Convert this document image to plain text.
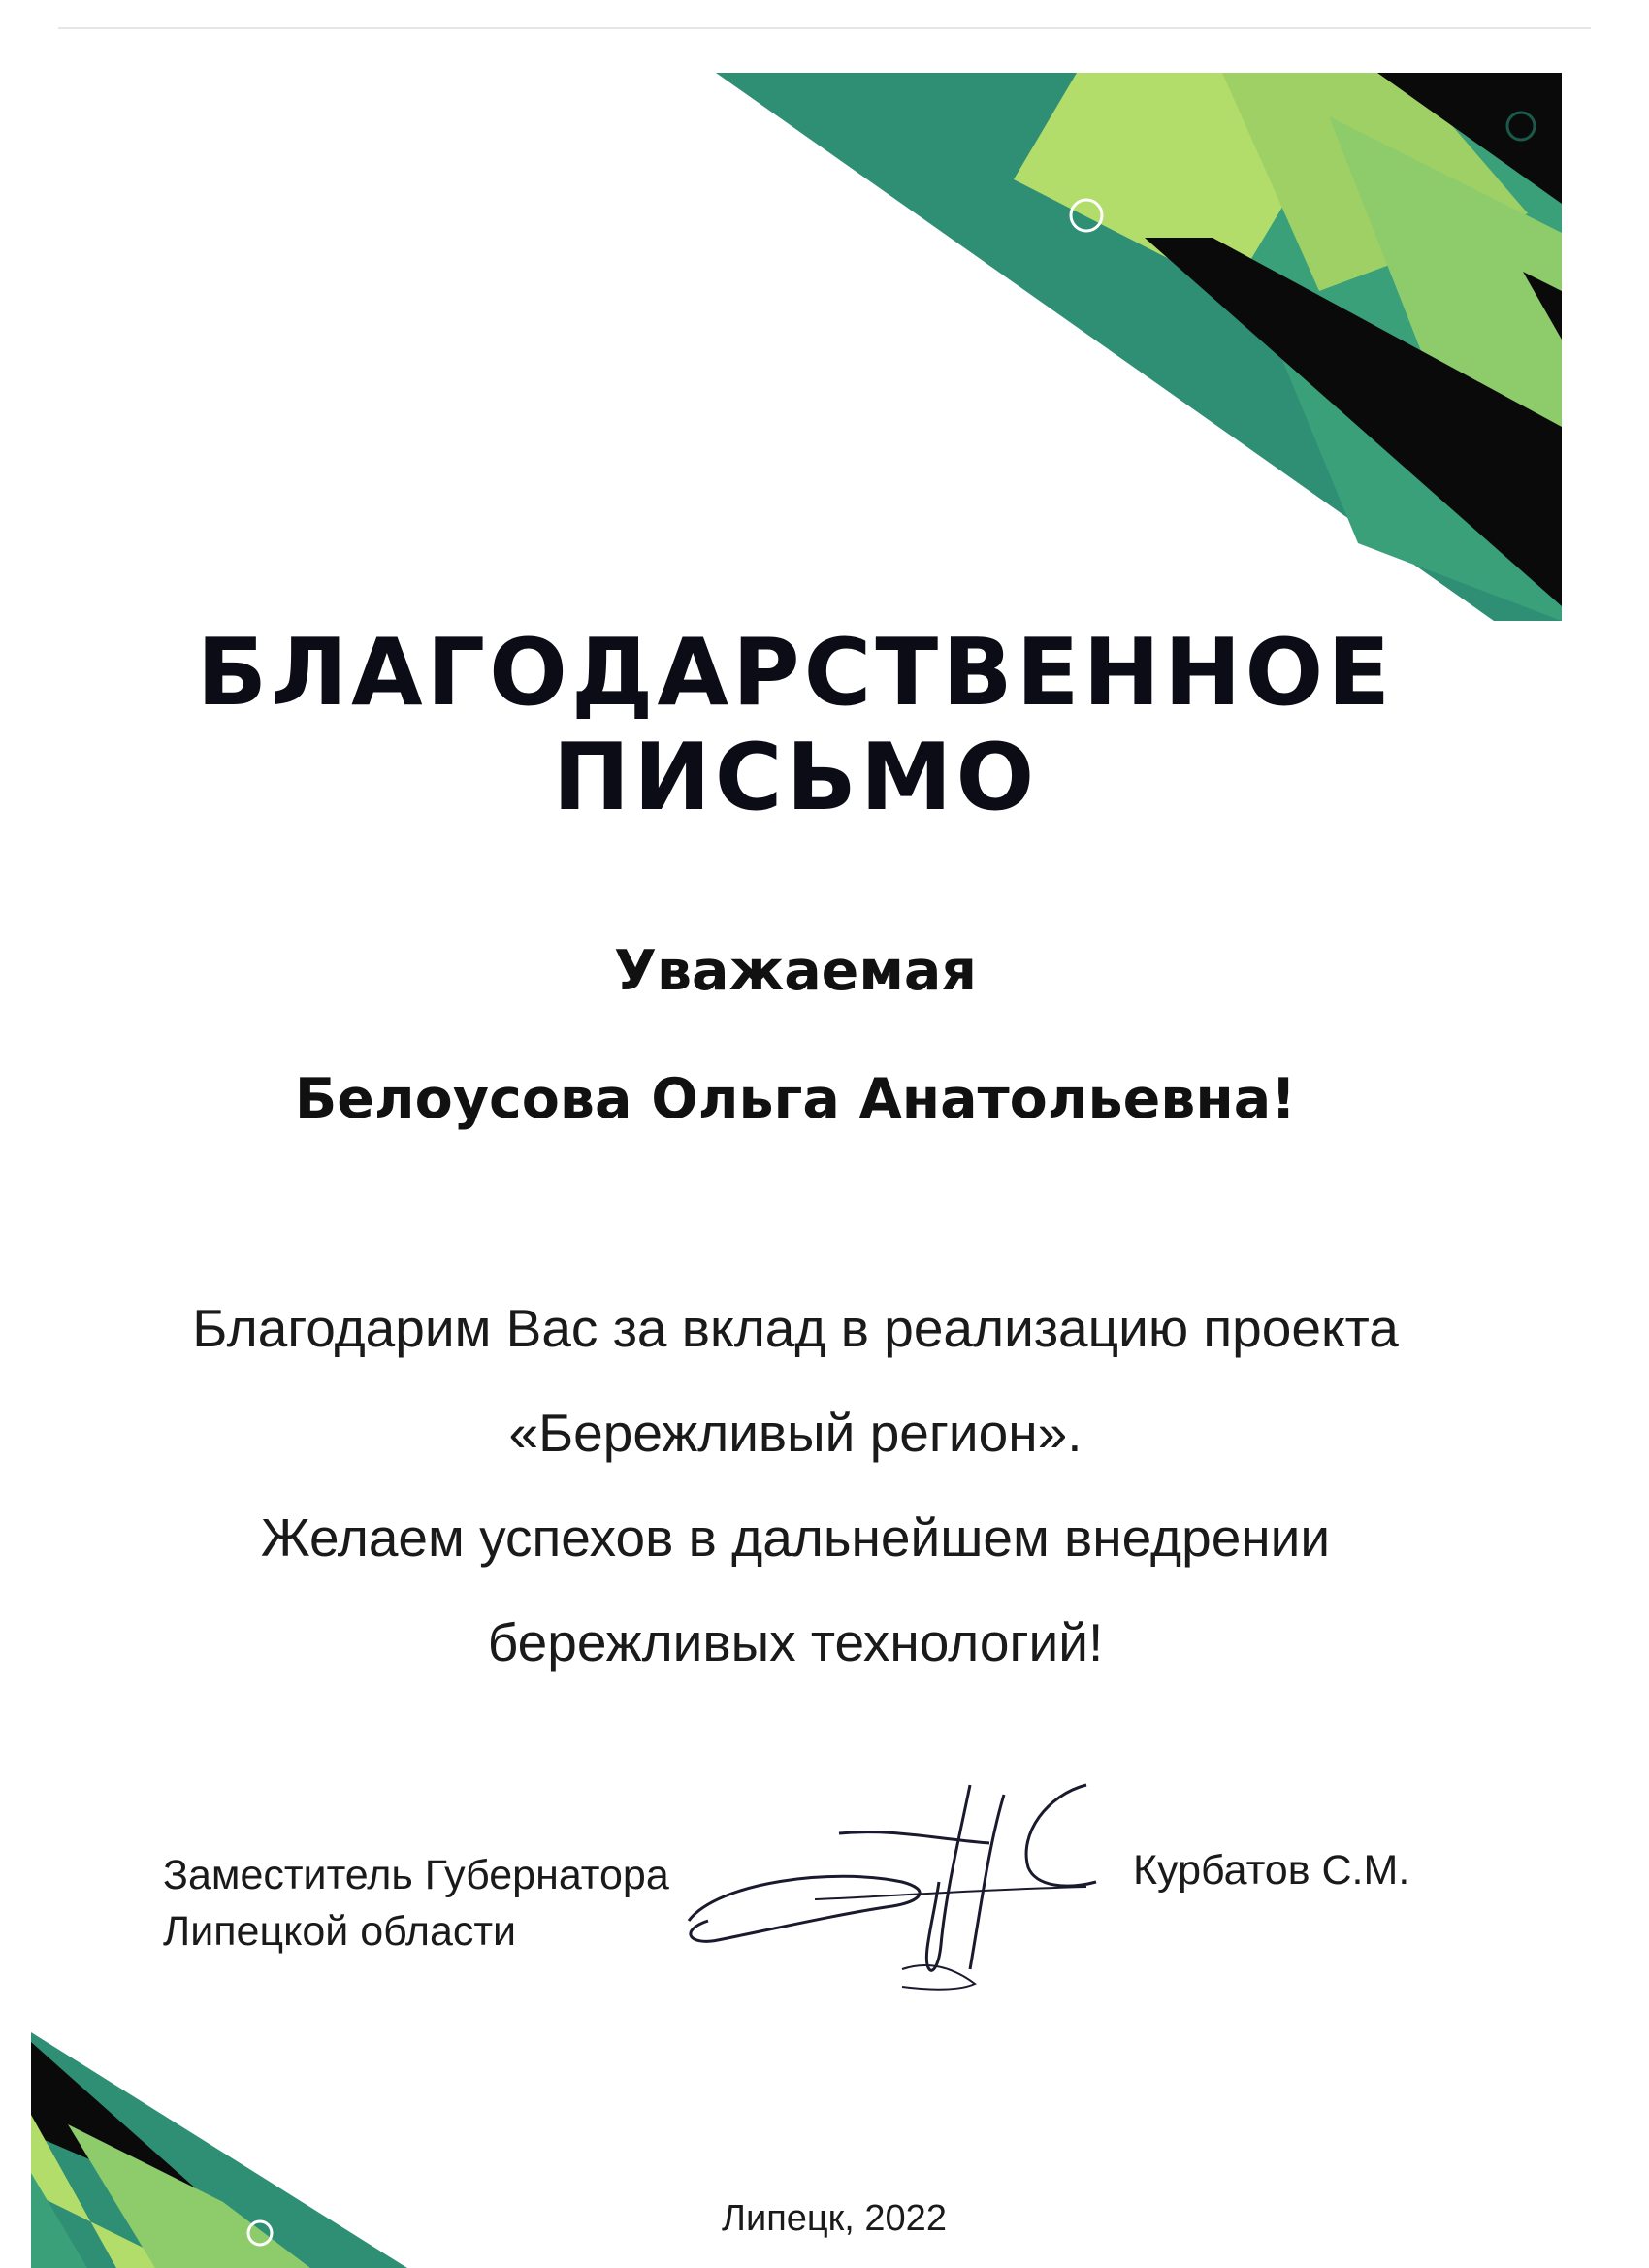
БЛАГОДАРСТВЕННОЕ
ПИСЬМО
Уважаемая
Белоусова Ольга Анатольевна!
Благодарим Вас за вклад в реализацию проекта
«Бережливый регион».
Желаем успехов в дальнейшем внедрении
бережливых технологий!
Заместитель Губернатора
Липецкой области
Курбатов С.М.
Липецк, 2022
